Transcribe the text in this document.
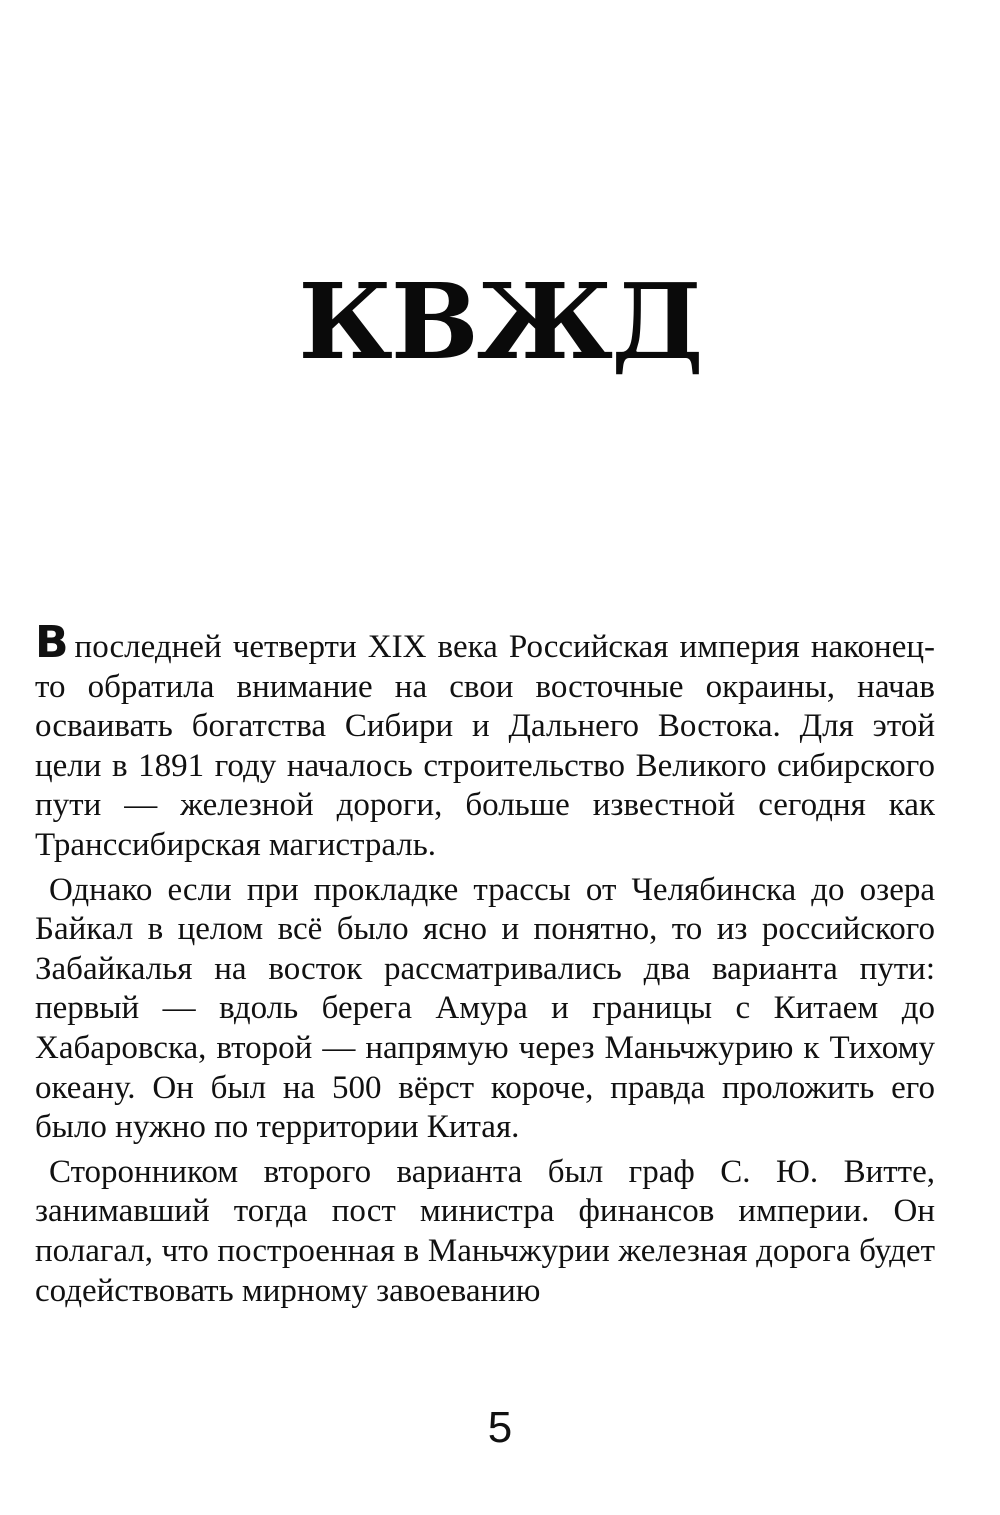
КВЖД

В последней четверти XIX века Российская империя наконец-то обратила внимание на свои восточные окраины, начав осваивать богатства Сибири и Дальнего Востока. Для этой цели в 1891 году началось строительство Великого сибирского пути — железной дороги, больше известной сегодня как Транссибирская магистраль.

Однако если при прокладке трассы от Челябинска до озера Байкал в целом всё было ясно и понятно, то из российского Забайкалья на восток рассматривались два варианта пути: первый — вдоль берега Амура и границы с Китаем до Хабаровска, второй — напрямую через Маньчжурию к Тихому океану. Он был на 500 вёрст короче, правда проложить его было нужно по территории Китая.

Сторонником второго варианта был граф С. Ю. Витте, занимавший тогда пост министра финансов империи. Он полагал, что построенная в Маньчжурии железная дорога будет содействовать мирному завоеванию

5
